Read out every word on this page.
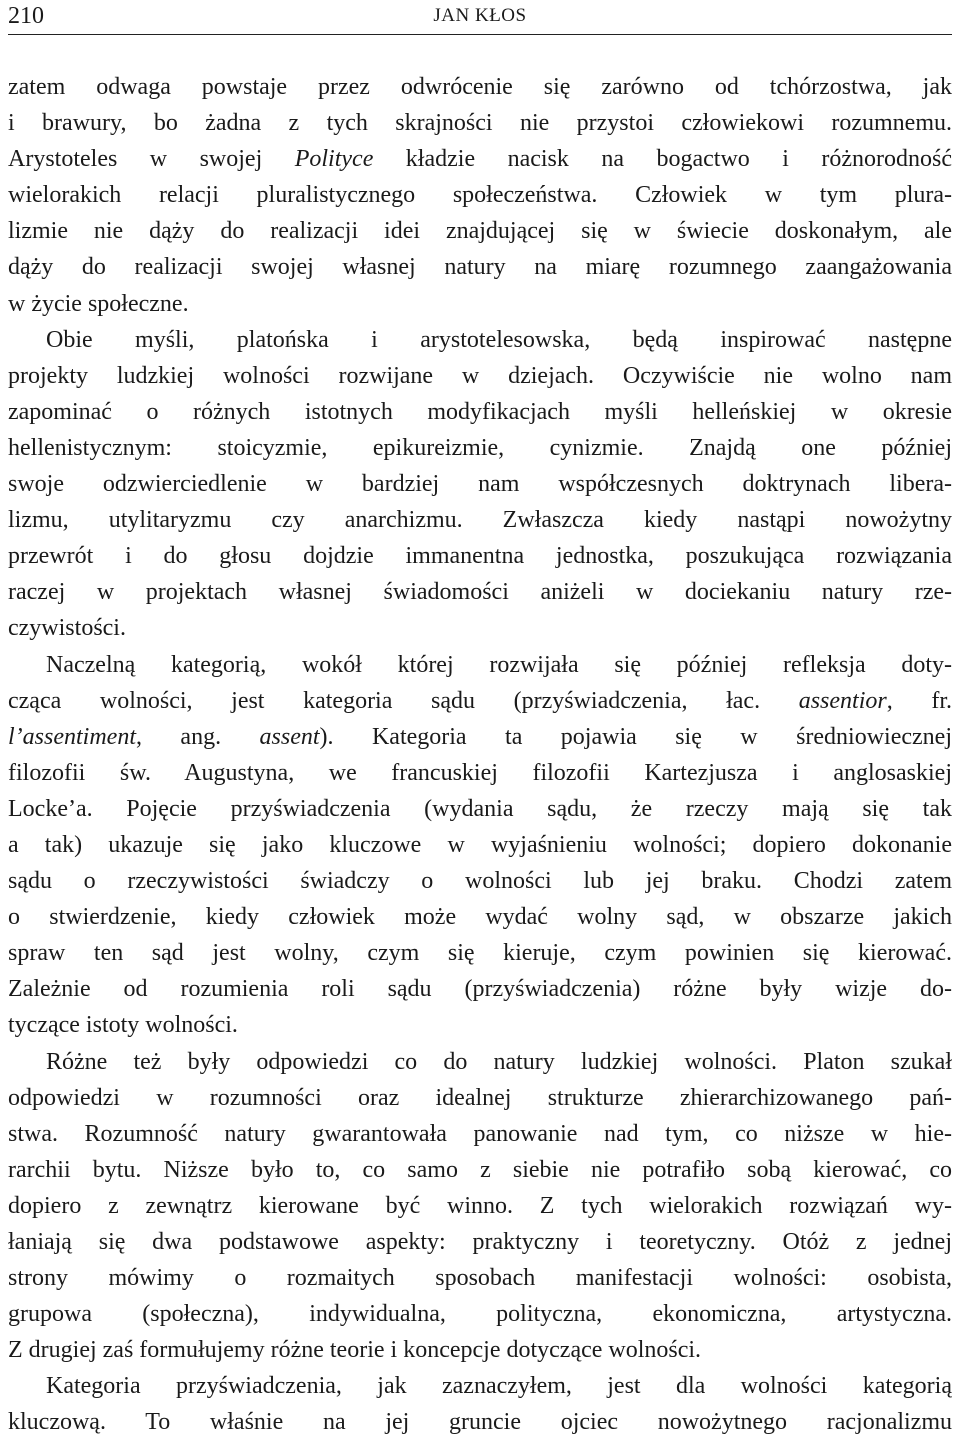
210	JAN KŁOS
zatem odwaga powstaje przez odwrócenie się zarówno od tchórzostwa, jak
i brawury, bo żadna z tych skrajności nie przystoi człowiekowi rozumnemu.
Arystoteles w swojej Polityce kładzie nacisk na bogactwo i różnorodność
wielorakich relacji pluralistycznego społeczeństwa. Człowiek w tym plura-
lizmie nie dąży do realizacji idei znajdującej się w świecie doskonałym, ale
dąży do realizacji swojej własnej natury na miarę rozumnego zaangażowania
w życie społeczne.
Obie myśli, platońska i arystotelesowska, będą inspirować następne
projekty ludzkiej wolności rozwijane w dziejach. Oczywiście nie wolno nam
zapominać o różnych istotnych modyfikacjach myśli helleńskiej w okresie
hellenistycznym: stoicyzmie, epikureizmie, cynizmie. Znajdą one później
swoje odzwierciedlenie w bardziej nam współczesnych doktrynach libera-
lizmu, utylitaryzmu czy anarchizmu. Zwłaszcza kiedy nastąpi nowożytny
przewrót i do głosu dojdzie immanentna jednostka, poszukująca rozwiązania
raczej w projektach własnej świadomości aniżeli w dociekaniu natury rze-
czywistości.
Naczelną kategorią, wokół której rozwijała się później refleksja doty-
cząca wolności, jest kategoria sądu (przyświadczenia, łac. assentior, fr.
l’assentiment, ang. assent). Kategoria ta pojawia się w średniowiecznej
filozofii św. Augustyna, we francuskiej filozofii Kartezjusza i anglosaskiej
Locke’a. Pojęcie przyświadczenia (wydania sądu, że rzeczy mają się tak
a tak) ukazuje się jako kluczowe w wyjaśnieniu wolności; dopiero dokonanie
sądu o rzeczywistości świadczy o wolności lub jej braku. Chodzi zatem
o stwierdzenie, kiedy człowiek może wydać wolny sąd, w obszarze jakich
spraw ten sąd jest wolny, czym się kieruje, czym powinien się kierować.
Zależnie od rozumienia roli sądu (przyświadczenia) różne były wizje do-
tyczące istoty wolności.
Różne też były odpowiedzi co do natury ludzkiej wolności. Platon szukał
odpowiedzi w rozumności oraz idealnej strukturze zhierarchizowanego pań-
stwa. Rozumność natury gwarantowała panowanie nad tym, co niższe w hie-
rarchii bytu. Niższe było to, co samo z siebie nie potrafiło sobą kierować, co
dopiero z zewnątrz kierowane być winno. Z tych wielorakich rozwiązań wy-
łaniają się dwa podstawowe aspekty: praktyczny i teoretyczny. Otóż z jednej
strony mówimy o rozmaitych sposobach manifestacji wolności: osobista,
grupowa (społeczna), indywidualna, polityczna, ekonomiczna, artystyczna.
Z drugiej zaś formułujemy różne teorie i koncepcje dotyczące wolności.
Kategoria przyświadczenia, jak zaznaczyłem, jest dla wolności kategorią
kluczową. To właśnie na jej gruncie ojciec nowożytnego racjonalizmu
